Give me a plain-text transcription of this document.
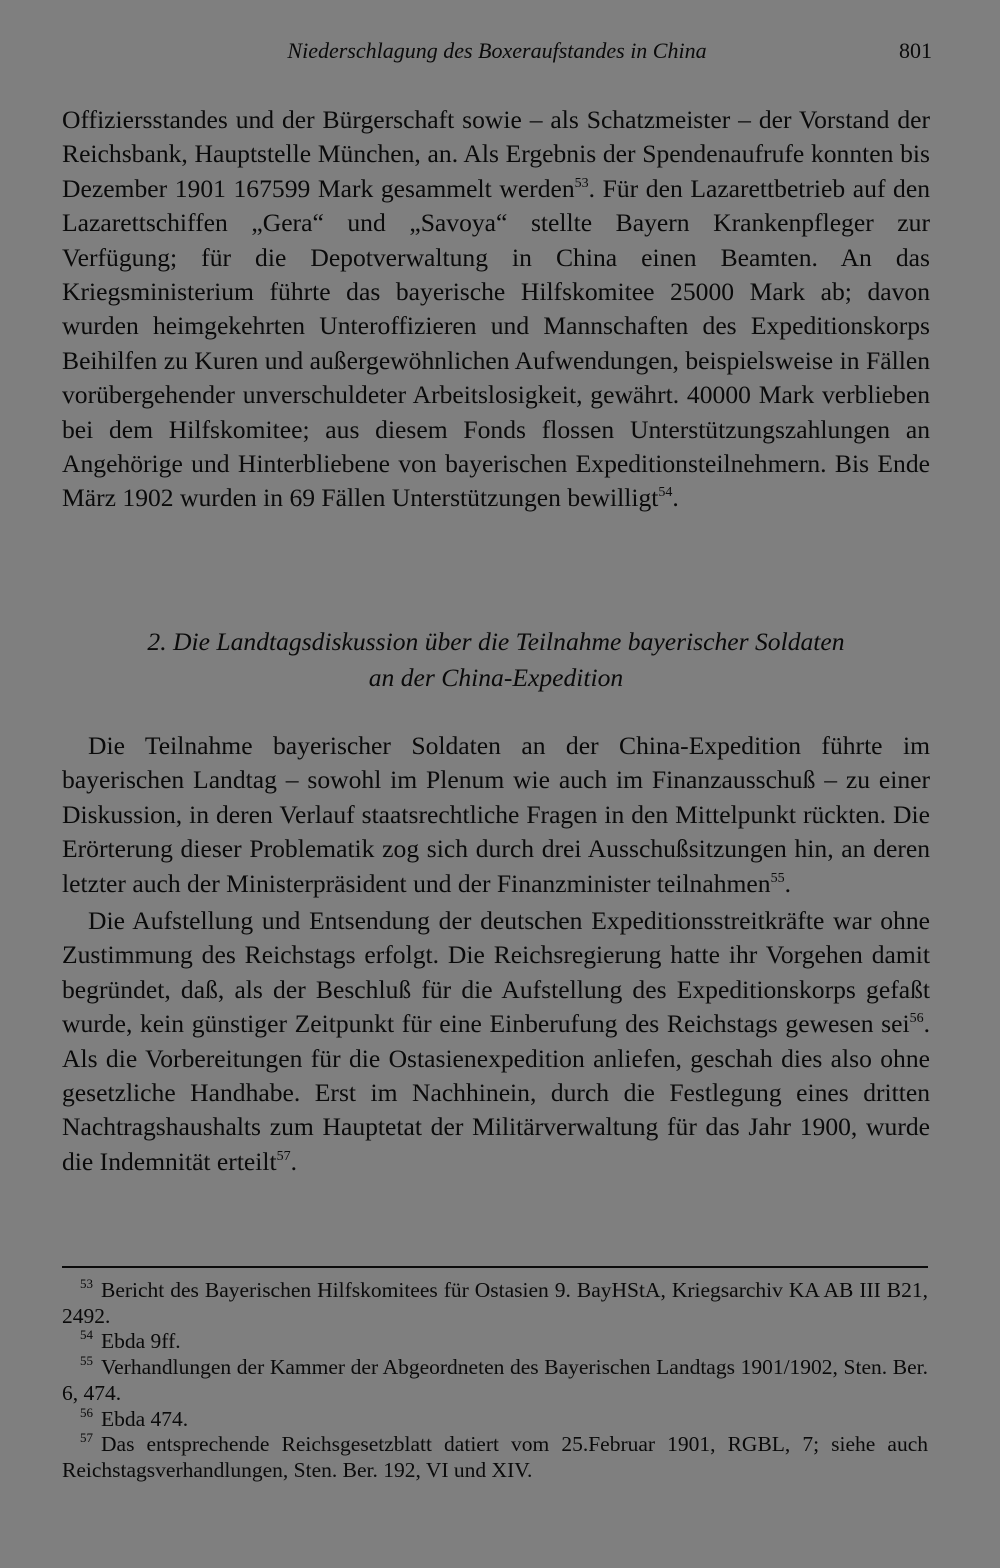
Niederschlagung des Boxeraufstandes in China	801

Offiziersstandes und der Bürgerschaft sowie – als Schatzmeister – der Vorstand der Reichsbank, Hauptstelle München, an. Als Ergebnis der Spendenaufrufe konnten bis Dezember 1901 167599 Mark gesammelt werden$^{53}$. Für den Lazarettbetrieb auf den Lazarettschiffen „Gera“ und „Savoya“ stellte Bayern Krankenpfleger zur Verfügung; für die Depotverwaltung in China einen Beamten. An das Kriegsministerium führte das bayerische Hilfskomitee 25000 Mark ab; davon wurden heimgekehrten Unteroffizieren und Mannschaften des Expeditionskorps Beihilfen zu Kuren und außergewöhnlichen Aufwendungen, beispielsweise in Fällen vorübergehender unverschuldeter Arbeitslosigkeit, gewährt. 40000 Mark verblieben bei dem Hilfskomitee; aus diesem Fonds flossen Unterstützungszahlungen an Angehörige und Hinterbliebene von bayerischen Expeditionsteilnehmern. Bis Ende März 1902 wurden in 69 Fällen Unterstützungen bewilligt$^{54}$.

2. Die Landtagsdiskussion über die Teilnahme bayerischer Soldaten
an der China-Expedition

Die Teilnahme bayerischer Soldaten an der China-Expedition führte im bayerischen Landtag – sowohl im Plenum wie auch im Finanzausschuß – zu einer Diskussion, in deren Verlauf staatsrechtliche Fragen in den Mittelpunkt rückten. Die Erörterung dieser Problematik zog sich durch drei Ausschußsitzungen hin, an deren letzter auch der Ministerpräsident und der Finanzminister teilnahmen$^{55}$.

Die Aufstellung und Entsendung der deutschen Expeditionsstreitkräfte war ohne Zustimmung des Reichstags erfolgt. Die Reichsregierung hatte ihr Vorgehen damit begründet, daß, als der Beschluß für die Aufstellung des Expeditionskorps gefaßt wurde, kein günstiger Zeitpunkt für eine Einberufung des Reichstags gewesen sei$^{56}$. Als die Vorbereitungen für die Ostasienexpedition anliefen, geschah dies also ohne gesetzliche Handhabe. Erst im Nachhinein, durch die Festlegung eines dritten Nachtragshaushalts zum Hauptetat der Militärverwaltung für das Jahr 1900, wurde die Indemnität erteilt$^{57}$.

53 Bericht des Bayerischen Hilfskomitees für Ostasien 9. BayHStA, Kriegsarchiv KA AB III B21, 2492.

54 Ebda 9ff.

55 Verhandlungen der Kammer der Abgeordneten des Bayerischen Landtags 1901/1902, Sten. Ber. 6, 474.

56 Ebda 474.

57 Das entsprechende Reichsgesetzblatt datiert vom 25.Februar 1901, RGBL, 7; siehe auch Reichstagsverhandlungen, Sten. Ber. 192, VI und XIV.
